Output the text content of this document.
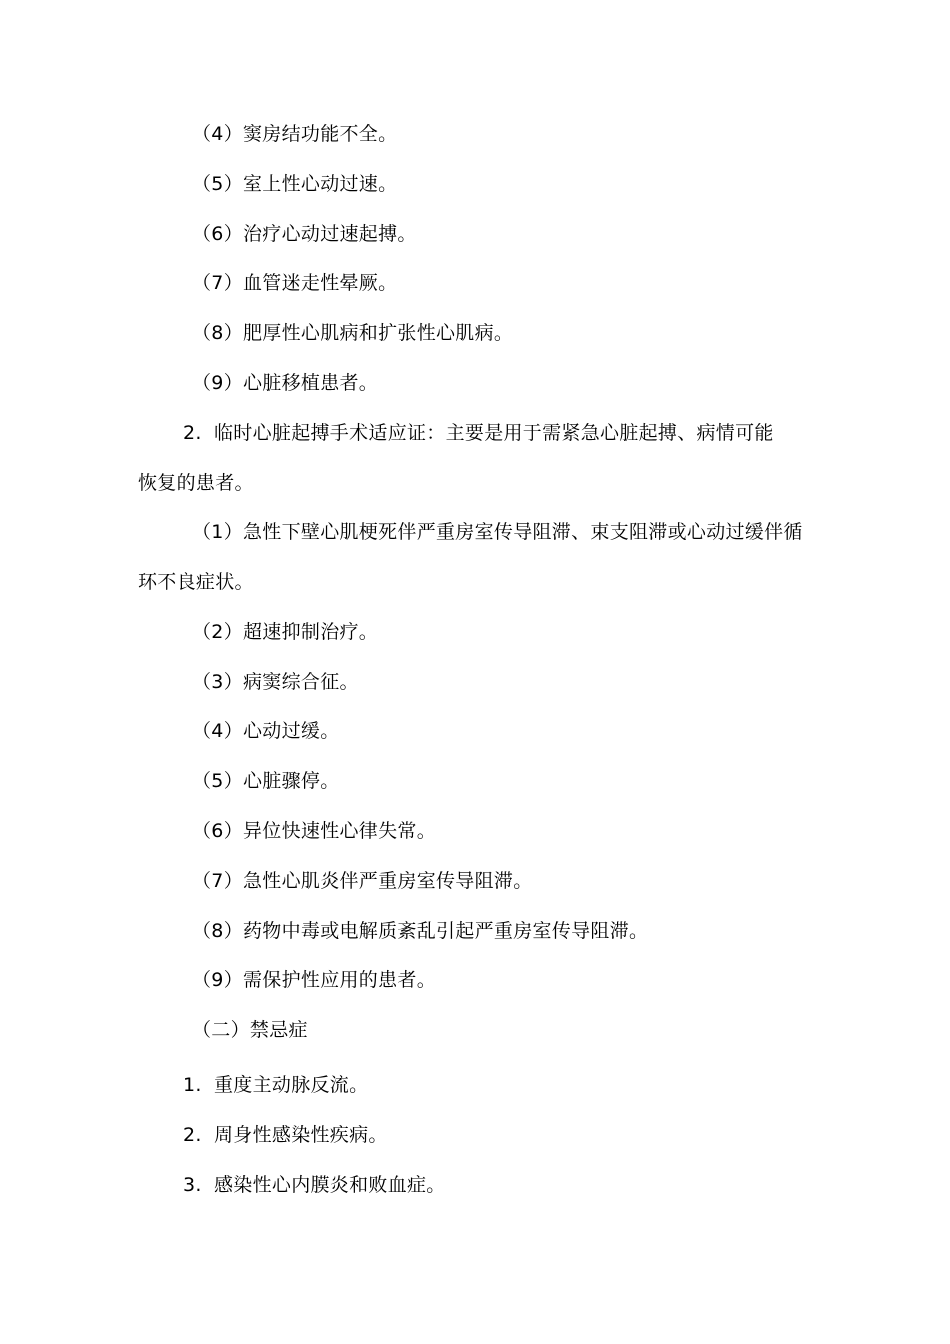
（4）窦房结功能不全。
（5）室上性心动过速。
（6）治疗心动过速起搏。
（7）血管迷走性晕厥。
（8）肥厚性心肌病和扩张性心肌病。
（9）心脏移植患者。
2. 临时心脏起搏手术适应证：主要是用于需紧急心脏起搏、病情可能
恢复的患者。
（1）急性下壁心肌梗死伴严重房室传导阻滞、束支阻滞或心动过缓伴循
环不良症状。
（2）超速抑制治疗。
（3）病窦综合征。
（4）心动过缓。
（5）心脏骤停。
（6）异位快速性心律失常。
（7）急性心肌炎伴严重房室传导阻滞。
（8）药物中毒或电解质紊乱引起严重房室传导阻滞。
（9）需保护性应用的患者。
（二）禁忌症
1. 重度主动脉反流。
2. 周身性感染性疾病。
3. 感染性心内膜炎和败血症。
